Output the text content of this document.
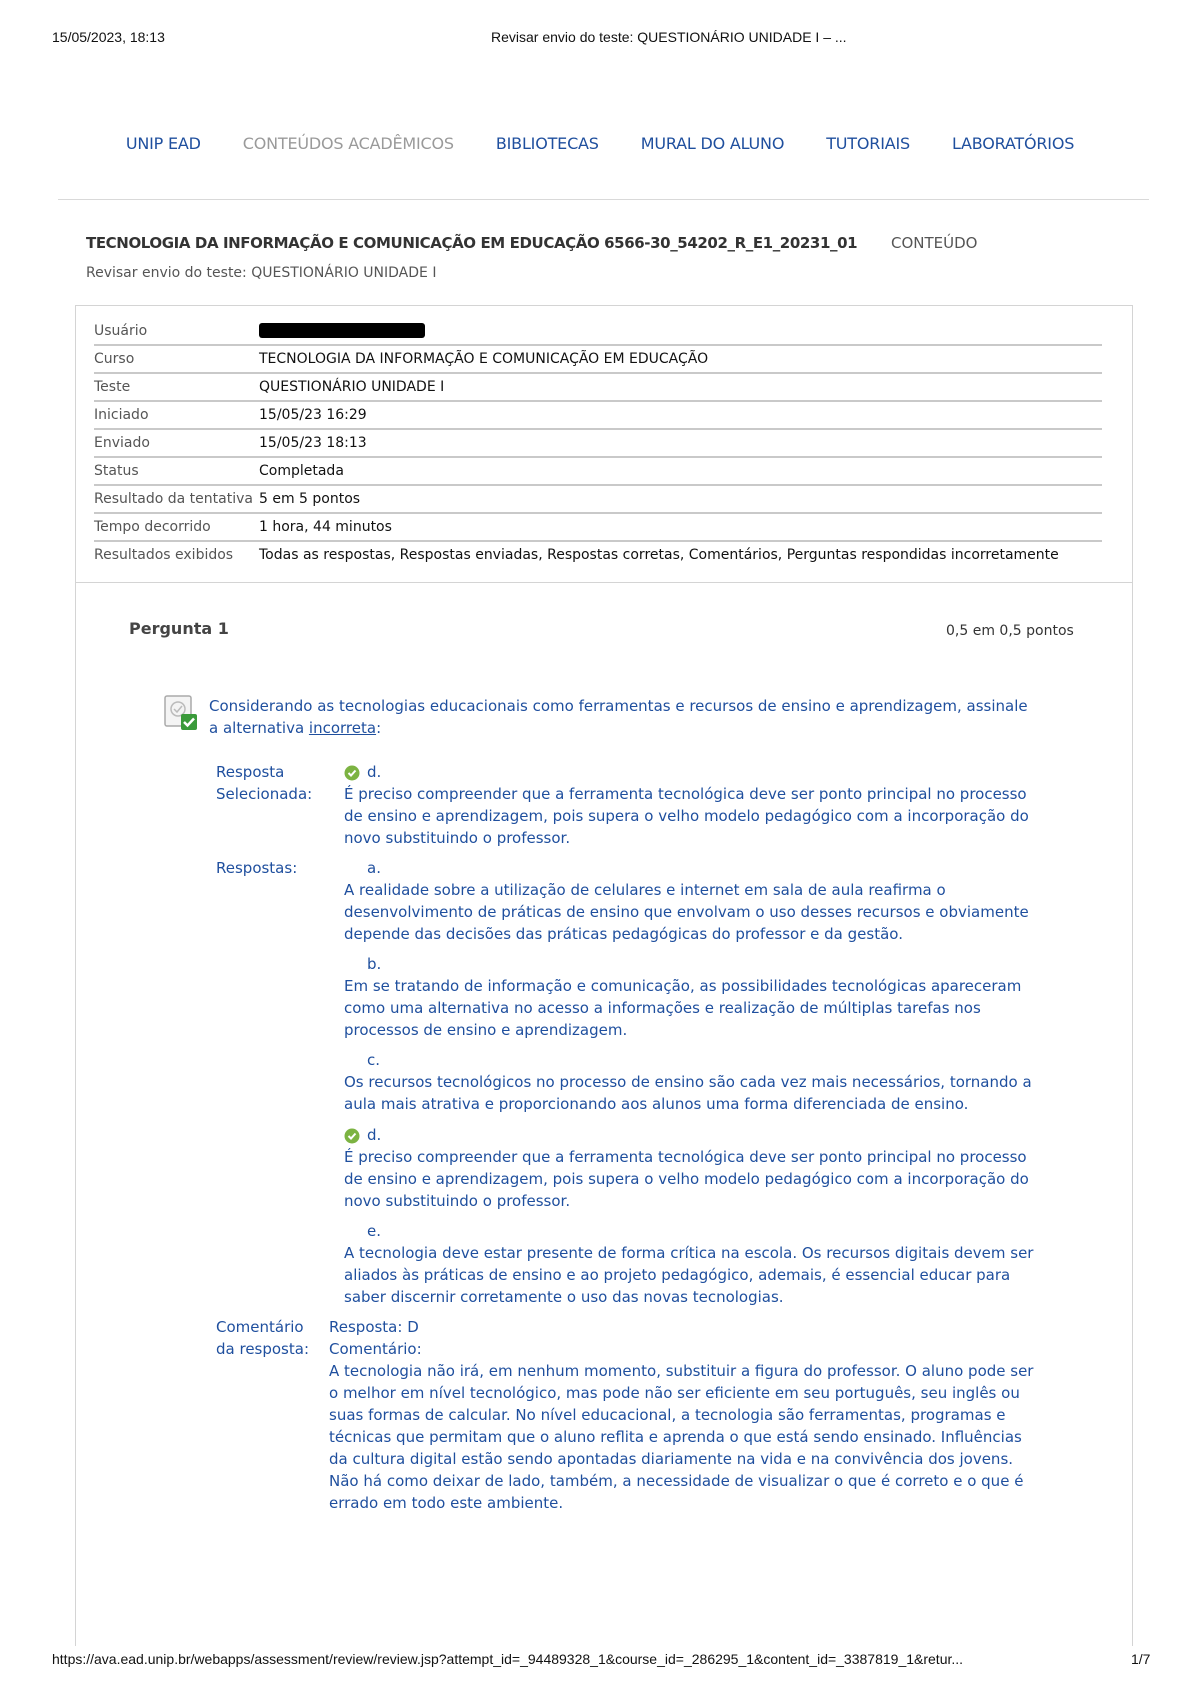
15/05/2023, 18:13	Revisar envio do teste: QUESTIONÁRIO UNIDADE I – ...
UNIP EAD	CONTEÚDOS ACADÊMICOS	BIBLIOTECAS	MURAL DO ALUNO	TUTORIAIS	LABORATÓRIOS
TECNOLOGIA DA INFORMAÇÃO E COMUNICAÇÃO EM EDUCAÇÃO 6566-30_54202_R_E1_20231_01 CONTEÚDO
Revisar envio do teste: QUESTIONÁRIO UNIDADE I
Usuário
Curso	TECNOLOGIA DA INFORMAÇÃO E COMUNICAÇÃO EM EDUCAÇÃO
Teste	QUESTIONÁRIO UNIDADE I
Iniciado	15/05/23 16:29
Enviado	15/05/23 18:13
Status	Completada
Resultado da tentativa 5 em 5 pontos
Tempo decorrido	1 hora, 44 minutos
Resultados exibidos Todas as respostas, Respostas enviadas, Respostas corretas, Comentários, Perguntas respondidas incorretamente
Pergunta 1	0,5 em 0,5 pontos
Considerando as tecnologias educacionais como ferramentas e recursos de ensino e aprendizagem, assinale a alternativa incorreta:
Resposta
Selecionada:
d.
É preciso compreender que a ferramenta tecnológica deve ser ponto principal no processo de ensino e aprendizagem, pois supera o velho modelo pedagógico com a incorporação do novo substituindo o professor.
Respostas:	a.
A realidade sobre a utilização de celulares e internet em sala de aula reafirma o desenvolvimento de práticas de ensino que envolvam o uso desses recursos e obviamente depende das decisões das práticas pedagógicas do professor e da gestão.
b.
Em se tratando de informação e comunicação, as possibilidades tecnológicas apareceram como uma alternativa no acesso a informações e realização de múltiplas tarefas nos processos de ensino e aprendizagem.
c.
Os recursos tecnológicos no processo de ensino são cada vez mais necessários, tornando a aula mais atrativa e proporcionando aos alunos uma forma diferenciada de ensino.
d.
É preciso compreender que a ferramenta tecnológica deve ser ponto principal no processo de ensino e aprendizagem, pois supera o velho modelo pedagógico com a incorporação do novo substituindo o professor.
e.
A tecnologia deve estar presente de forma crítica na escola. Os recursos digitais devem ser aliados às práticas de ensino e ao projeto pedagógico, ademais, é essencial educar para saber discernir corretamente o uso das novas tecnologias.
Comentário
da resposta:
Resposta: D
Comentário:
A tecnologia não irá, em nenhum momento, substituir a figura do professor. O aluno pode ser o melhor em nível tecnológico, mas pode não ser eficiente em seu português, seu inglês ou suas formas de calcular. No nível educacional, a tecnologia são ferramentas, programas e técnicas que permitam que o aluno reflita e aprenda o que está sendo ensinado. Influências da cultura digital estão sendo apontadas diariamente na vida e na convivência dos jovens. Não há como deixar de lado, também, a necessidade de visualizar o que é correto e o que é errado em todo este ambiente.
https://ava.ead.unip.br/webapps/assessment/review/review.jsp?attempt_id=_94489328_1&course_id=_286295_1&content_id=_3387819_1&retur...	1/7
